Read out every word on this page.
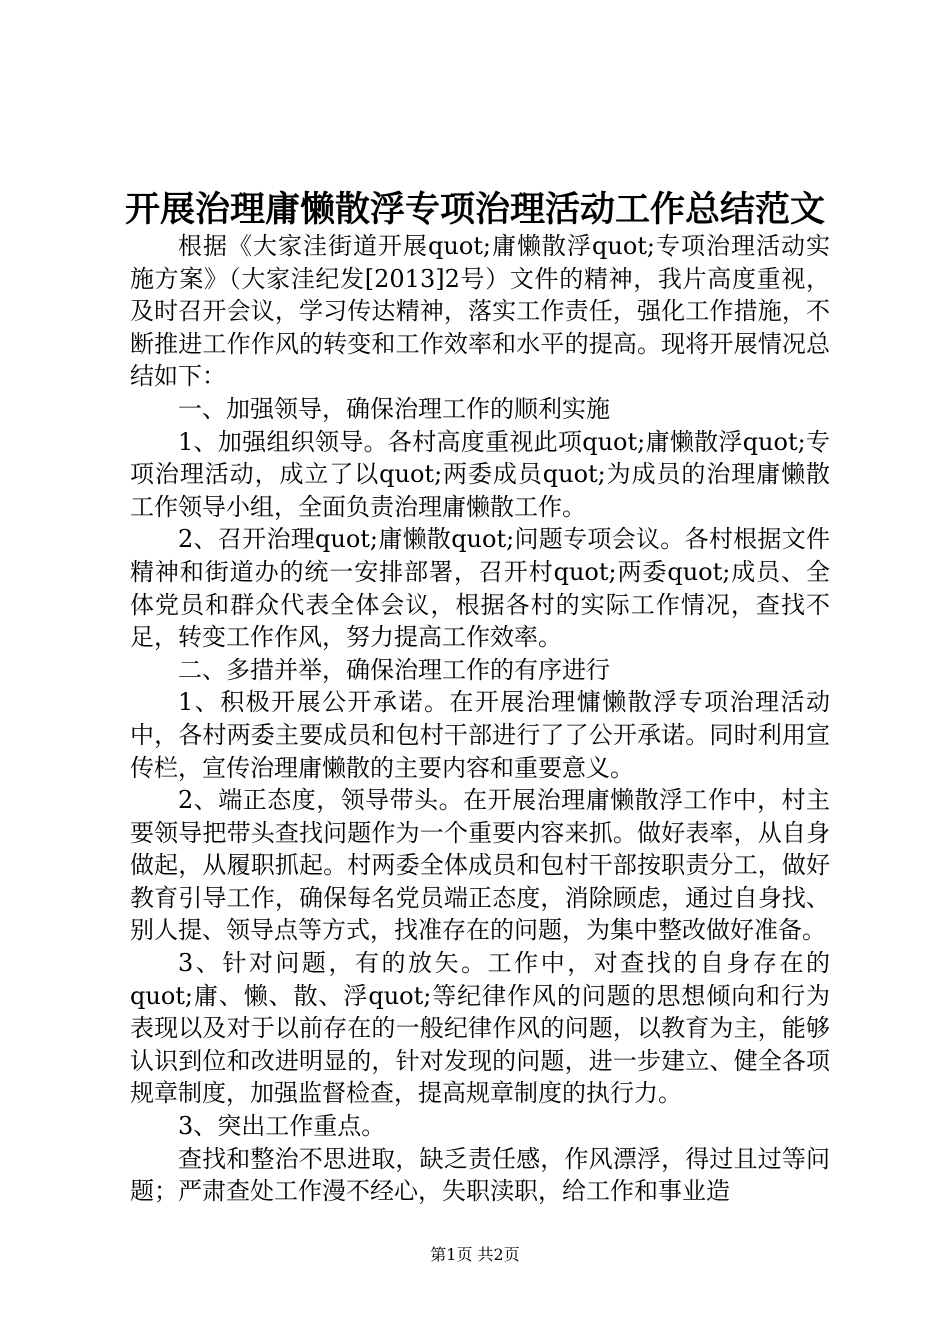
开展治理庸懒散浮专项治理活动工作总结范文

根据《大家洼街道开展quot;庸懒散浮quot;专项治理活动实施方案》（大家洼纪发[2013]2号）文件的精神，我片高度重视，及时召开会议，学习传达精神，落实工作责任，强化工作措施，不断推进工作作风的转变和工作效率和水平的提高。现将开展情况总结如下：

一、加强领导，确保治理工作的顺利实施

1、加强组织领导。各村高度重视此项quot;庸懒散浮quot;专项治理活动，成立了以quot;两委成员quot;为成员的治理庸懒散工作领导小组，全面负责治理庸懒散工作。

2、召开治理quot;庸懒散quot;问题专项会议。各村根据文件精神和街道办的统一安排部署，召开村quot;两委quot;成员、全体党员和群众代表全体会议，根据各村的实际工作情况，查找不足，转变工作作风，努力提高工作效率。

二、多措并举，确保治理工作的有序进行

1、积极开展公开承诺。在开展治理慵懒散浮专项治理活动中，各村两委主要成员和包村干部进行了了公开承诺。同时利用宣传栏，宣传治理庸懒散的主要内容和重要意义。

2、端正态度，领导带头。在开展治理庸懒散浮工作中，村主要领导把带头查找问题作为一个重要内容来抓。做好表率，从自身做起，从履职抓起。村两委全体成员和包村干部按职责分工，做好教育引导工作，确保每名党员端正态度，消除顾虑，通过自身找、别人提、领导点等方式，找准存在的问题，为集中整改做好准备。

3、针对问题，有的放矢。工作中，对查找的自身存在的quot;庸、懒、散、浮quot;等纪律作风的问题的思想倾向和行为表现以及对于以前存在的一般纪律作风的问题，以教育为主，能够认识到位和改进明显的，针对发现的问题，进一步建立、健全各项规章制度，加强监督检查，提高规章制度的执行力。

3、突出工作重点。

查找和整治不思进取，缺乏责任感，作风漂浮，得过且过等问题；严肃查处工作漫不经心，失职渎职，给工作和事业造

第1页 共2页
